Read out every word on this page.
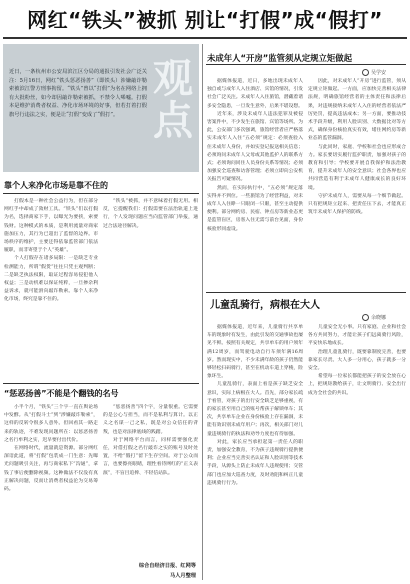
网红“铁头”被抓 别让“打假”成“假打”
近日，一条杭州市公安局滨江区分局的通报引发社会广泛关注：5月16日，网红“铁头惩恶扬善”（即铁头）涉嫌敲诈勒索被滨江警方刑事拘留。“铁头”曾以“打假”为名在网络上拥有大批粉丝，如今却因敲诈勒索被抓，不禁令人唏嘘。打假本是维护消费者权益、净化市场环境的好事，但若打着打假旗号行违法之实，便是让“打假”变成了“假打”。
观点
靠个人来净化市场是靠不住的

打假本是一种社会公益行为，但在部分网红手中却成了敛财工具。“铁头”们以打假为名，选择商家下手，以曝光为要挟，索要钱财。这种模式的本质，是利用流量对商家施加压力，其行为已超出了监督的边界。市场秩序的维护，主要还得依靠监管部门依法履职，而非寄望于个人“英雄”。

个人打假存在诸多局限：一是缺乏专业检测能力，所谓“假货”往往只凭主观判断；二是缺乏执法权限，取证过程容易侵犯他人权益；三是动机难以保证纯粹，一旦掺杂利益诉求，就可能滑向敲诈勒索。靠个人来净化市场，终究是靠不住的。

“铁头”被抓，并不意味着打假无用。相反，它提醒我们：打假需要在法治轨道上进行，个人发现问题应当向监管部门举报，通过合法途径解决。

“惩恶扬善”不能是个翻钱的名号

小半个月，“铁头”三个字一直在舆论场中发酵。从“打假斗士”到“涉嫌敲诈勒索”，这样的反转令很多人意外。但回看其一路走来的轨迹，不难发现问题所在：以惩恶扬善之名行牟利之实，迟早要付出代价。

在网络时代，流量就是资源。部分网红深谙此道，将“打假”包装成一门生意：先曝光问题吸引关注，再与商家私下“沟通”，拿钱了事后便删除视频。这种做法不仅没有真正解决问题，反而让消费者权益沦为交易筹码。

“惩恶扬善”四个字，分量很重。它需要的是公心与担当，而不是私利与算计。以正义之名谋一己之私，既是对公众信任的背叛，也是对法律底线的践踏。

对于网络平台而言，同样需要强化责任，对借打假之名行敲诈之实的账号及时处置，不给“假打”留下生存空间。对于公众而言，也要擦亮眼睛，理性看待网红的“正义表演”，不盲目追捧、不轻信站队。

综合自经济日报、红网等
马人月整理
未成年人“开房”监管须从定规立矩做起
吴学安

据媒体报道，近日，多地出现未成年人独自或与成年人入住酒店、宾馆的情况，引发社会广泛关注。未成年人入住旅馆，潜藏着诸多安全隐患，一旦发生意外，后果不堪设想。

近年来，涉及未成年人违法犯罪及被侵害案件中，不少发生在旅馆、宾馆等场所。为此，公安部门多次强调，旅馆经营者应严格落实未成年人入住“五必须”规定：必须查验入住未成年人身份，并如实登记报送相关信息；必须询问未成年人父母或其他监护人的联系方式；必须询问同住人员身份关系等情况；必须加强安全巡查和访客管理；必须立即向公安机关报告可疑情况。

然而，在实际执行中，“五必须”规定落实得并不到位。一些旅馆为了经营利益，对未成年人入住睁一只眼闭一只眼，甚至主动提供便利。部分网约房、民宿、钟点房等新业态更是监管盲区，房客入住无需与前台见面，身份核验形同虚设。

因此，对未成年人“开房”进行监管，须从定规立矩做起。一方面，应加快完善相关法律法规，明确旅馆经营者的主体责任和法律后果，对违规接纳未成年人入住的经营者依法严厉处罚，提高违法成本；另一方面，要推动技术手段升级，利用人脸识别、大数据比对等方式，确保身份核验真实有效，堵住网约房等新业态的监管漏洞。

与此同时，家庭、学校和社会也应形成合力。家长要切实履行监护职责，加强对孩子的教育和引导；学校要开展自我保护和法治教育，提升未成年人的安全意识；社会各界也应共同营造有利于未成年人健康成长的良好环境。

守护未成年人，需要从每一个细节做起。只有把规矩立起来、把责任压下去，才能真正筑牢未成年人保护的防线。

儿童乱骑行，病根在大人
余晓娜

据媒体报道，近年来，儿童骑行共享单车的现象时有发生，由此引发的交通事故也屡见不鲜。按照有关规定，共享单车的用户须年满12周岁，而驾驶电动自行车须年满16周岁。然而现实中，不少未满年龄的孩子仍然能够轻松扫码骑行，甚至在机动车道上穿梭，险象环生。

儿童乱骑行，表面上看是孩子缺乏安全意识，实际上病根在大人。首先，部分家长疏于看管，对孩子的出行安全缺乏足够重视，有的家长甚至用自己的账号帮孩子解锁单车；其次，共享单车企业在身份核验上存在漏洞，未能有效识别未成年用户；再次，相关部门对儿童违规骑行的执法和劝导力度也有待加强。

对此，家长应当承担起第一责任人的职责，加强安全教育，不为孩子违规骑行提供便利；企业应当完善实名认证和人脸识别等技术手段，从源头上防止未成年人违规使用；交管部门也应加大巡查力度，及时劝阻和纠正儿童违规骑行行为。

儿童安全无小事。只有家庭、企业和社会各方共同努力，才能让孩子们远离骑行风险，平安快乐地成长。

治理儿童乱骑行，既要靠制度完善，也要靠家长尽责。大人多一分用心，孩子就多一分安全。

希望每一位家长都能把孩子的安全放在心上，把规矩教给孩子，让文明骑行、安全出行成为全社会的共识。
